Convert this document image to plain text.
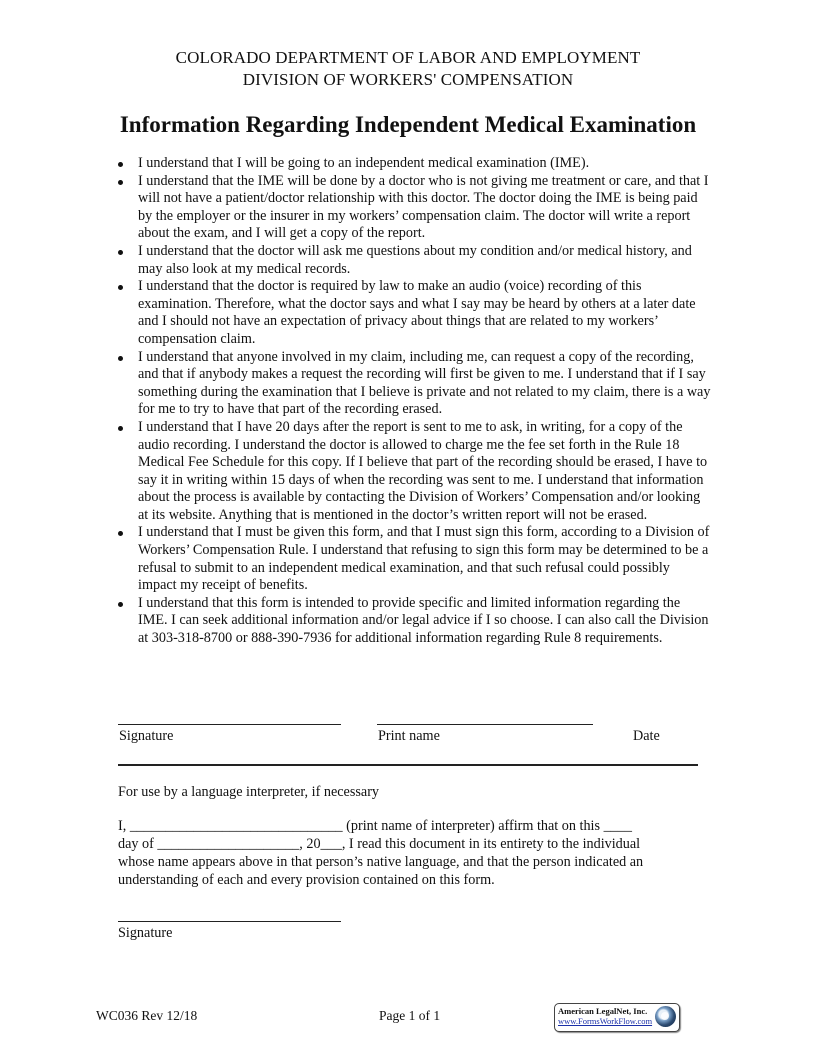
COLORADO DEPARTMENT OF LABOR AND EMPLOYMENT
DIVISION OF WORKERS' COMPENSATION
Information Regarding Independent Medical Examination
I understand that I will be going to an independent medical examination (IME).
I understand that the IME will be done by a doctor who is not giving me treatment or care, and that I will not have a patient/doctor relationship with this doctor. The doctor doing the IME is being paid by the employer or the insurer in my workers’ compensation claim. The doctor will write a report about the exam, and I will get a copy of the report.
I understand that the doctor will ask me questions about my condition and/or medical history, and may also look at my medical records.
I understand that the doctor is required by law to make an audio (voice) recording of this examination. Therefore, what the doctor says and what I say may be heard by others at a later date and I should not have an expectation of privacy about things that are related to my workers’ compensation claim.
I understand that anyone involved in my claim, including me, can request a copy of the recording, and that if anybody makes a request the recording will first be given to me. I understand that if I say something during the examination that I believe is private and not related to my claim, there is a way for me to try to have that part of the recording erased.
I understand that I have 20 days after the report is sent to me to ask, in writing, for a copy of the audio recording. I understand the doctor is allowed to charge me the fee set forth in the Rule 18 Medical Fee Schedule for this copy. If I believe that part of the recording should be erased, I have to say it in writing within 15 days of when the recording was sent to me. I understand that information about the process is available by contacting the Division of Workers’ Compensation and/or looking at its website. Anything that is mentioned in the doctor’s written report will not be erased.
I understand that I must be given this form, and that I must sign this form, according to a Division of Workers’ Compensation Rule. I understand that refusing to sign this form may be determined to be a refusal to submit to an independent medical examination, and that such refusal could possibly impact my receipt of benefits.
I understand that this form is intended to provide specific and limited information regarding the IME. I can seek additional information and/or legal advice if I so choose. I can also call the Division at 303-318-8700 or 888-390-7936 for additional information regarding Rule 8 requirements.
Signature	Print name	Date
For use by a language interpreter, if necessary
I, ______________________________ (print name of interpreter) affirm that on this ____
day of ____________________, 20___, I read this document in its entirety to the individual
whose name appears above in that person’s native language, and that the person indicated an
understanding of each and every provision contained on this form.
Signature
WC036 Rev 12/18	Page 1 of 1	American LegalNet, Inc.
www.FormsWorkFlow.com
